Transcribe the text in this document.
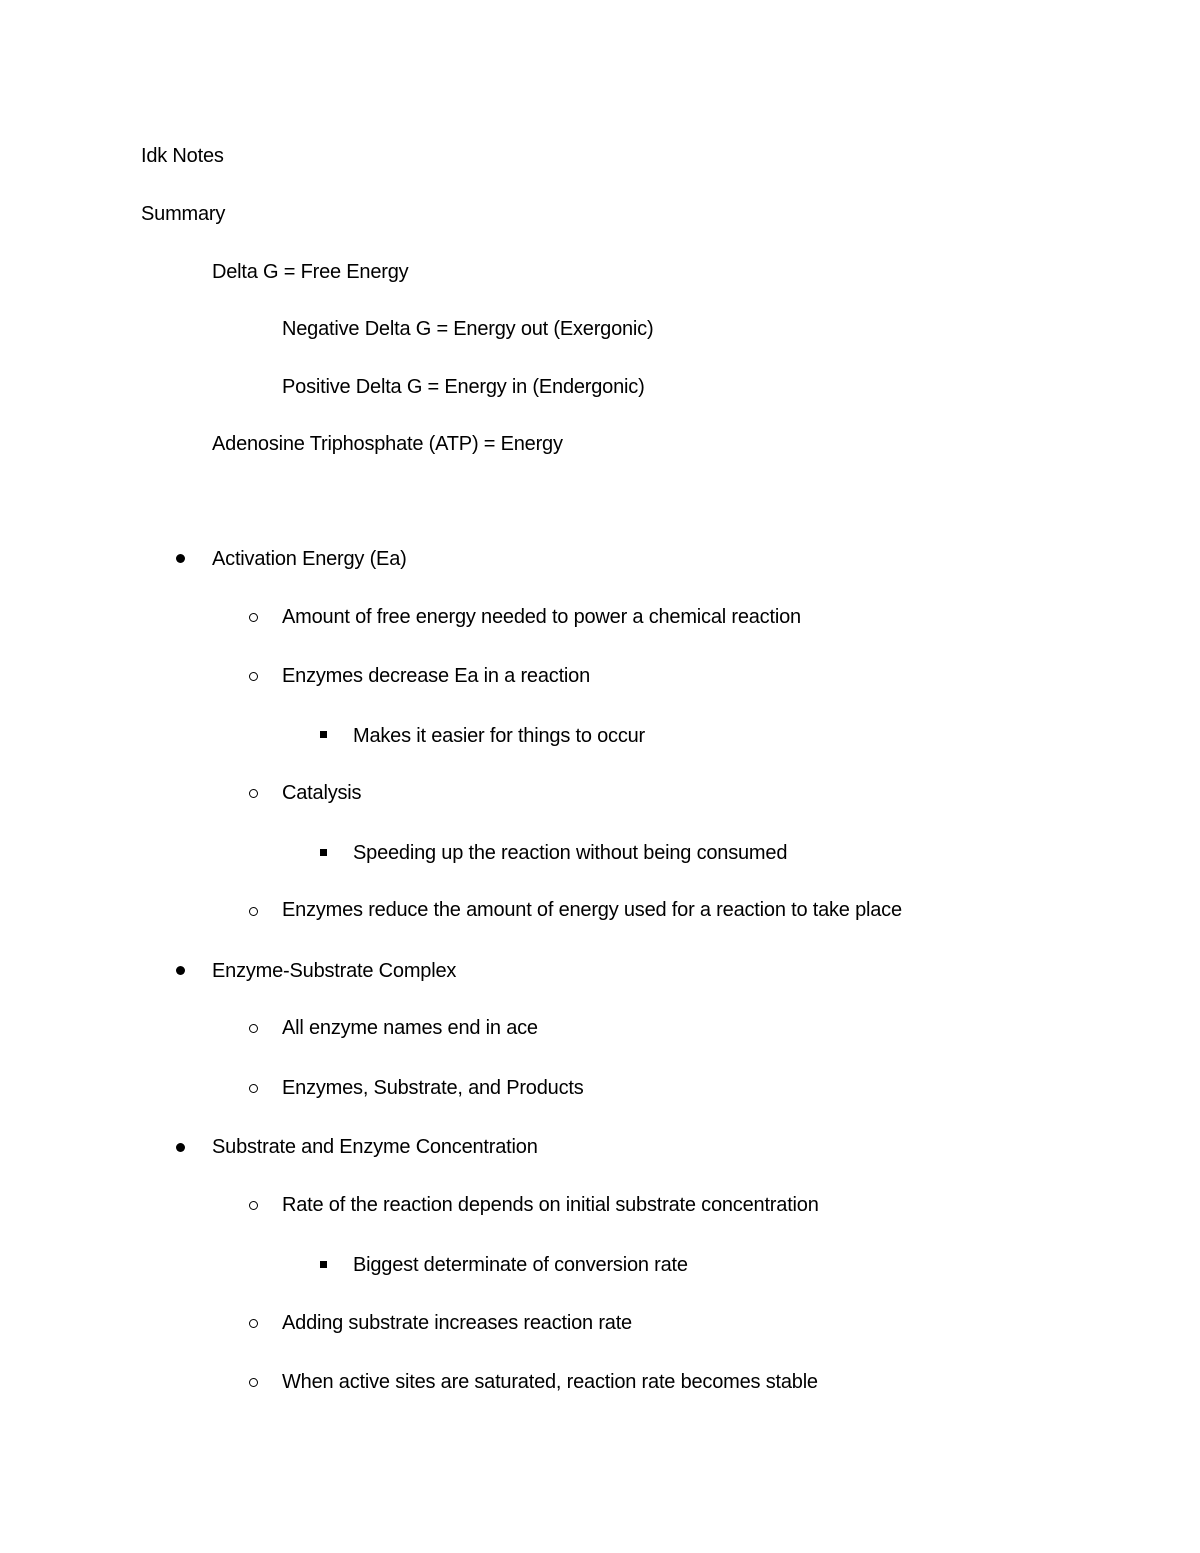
Idk Notes
Summary
Delta G = Free Energy
Negative Delta G = Energy out (Exergonic)
Positive Delta G = Energy in (Endergonic)
Adenosine Triphosphate (ATP) = Energy
Activation Energy (Ea)
Amount of free energy needed to power a chemical reaction
Enzymes decrease Ea in a reaction
Makes it easier for things to occur
Catalysis
Speeding up the reaction without being consumed
Enzymes reduce the amount of energy used for a reaction to take place
Enzyme-Substrate Complex
All enzyme names end in ace
Enzymes, Substrate, and Products
Substrate and Enzyme Concentration
Rate of the reaction depends on initial substrate concentration
Biggest determinate of conversion rate
Adding substrate increases reaction rate
When active sites are saturated, reaction rate becomes stable
